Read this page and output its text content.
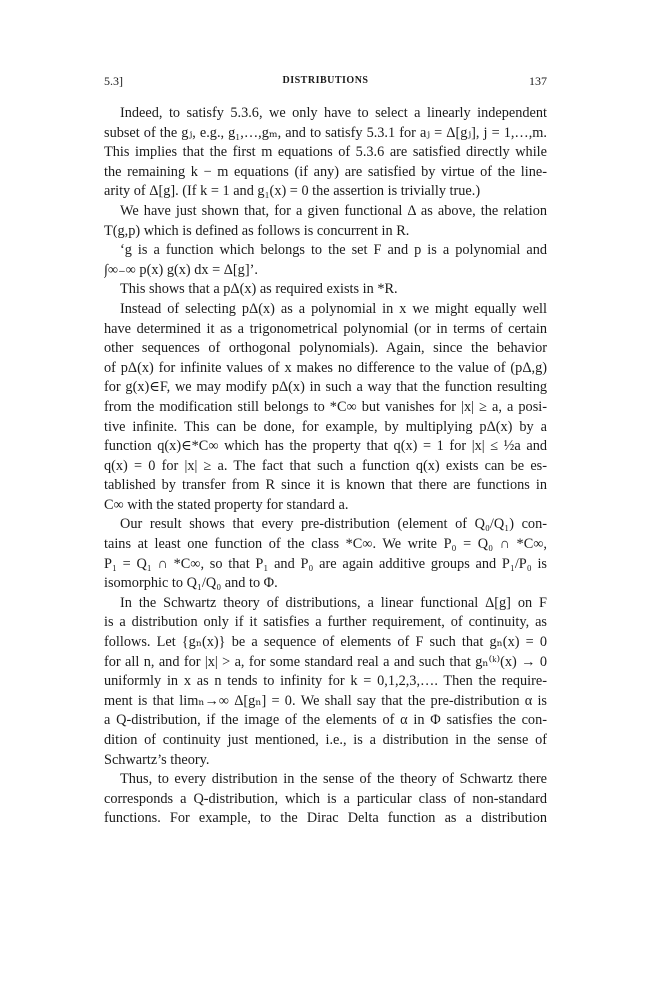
5.3]	DISTRIBUTIONS	137
Indeed, to satisfy 5.3.6, we only have to select a linearly independent
subset of the gⱼ, e.g., g₁,…,gₘ, and to satisfy 5.3.1 for aⱼ = Δ[gⱼ], j = 1,…,m.
This implies that the first m equations of 5.3.6 are satisfied directly while
the remaining k − m equations (if any) are satisfied by virtue of the line-
arity of Δ[g]. (If k = 1 and g₁(x) = 0 the assertion is trivially true.)
We have just shown that, for a given functional Δ as above, the relation
T(g,p) which is defined as follows is concurrent in R.
‘g is a function which belongs to the set F and p is a polynomial and
∫∞₋∞ p(x) g(x) dx = Δ[g]’.
This shows that a pΔ(x) as required exists in *R.
Instead of selecting pΔ(x) as a polynomial in x we might equally well
have determined it as a trigonometrical polynomial (or in terms of certain
other sequences of orthogonal polynomials). Again, since the behavior
of pΔ(x) for infinite values of x makes no difference to the value of (pΔ,g)
for g(x)∈F, we may modify pΔ(x) in such a way that the function resulting
from the modification still belongs to *C∞ but vanishes for |x| ≥ a, a posi-
tive infinite. This can be done, for example, by multiplying pΔ(x) by a
function q(x)∈*C∞ which has the property that q(x) = 1 for |x| ≤ ½a and
q(x) = 0 for |x| ≥ a. The fact that such a function q(x) exists can be es-
tablished by transfer from R since it is known that there are functions in
C∞ with the stated property for standard a.
Our result shows that every pre-distribution (element of Q₀/Q₁) con-
tains at least one function of the class *C∞. We write P₀ = Q₀ ∩ *C∞,
P₁ = Q₁ ∩ *C∞, so that P₁ and P₀ are again additive groups and P₁/P₀ is
isomorphic to Q₁/Q₀ and to Φ.
In the Schwartz theory of distributions, a linear functional Δ[g] on F
is a distribution only if it satisfies a further requirement, of continuity, as
follows. Let {gₙ(x)} be a sequence of elements of F such that gₙ(x) = 0
for all n, and for |x| > a, for some standard real a and such that gₙ⁽ᵏ⁾(x) → 0
uniformly in x as n tends to infinity for k = 0,1,2,3,…. Then the require-
ment is that limₙ→∞ Δ[gₙ] = 0. We shall say that the pre-distribution α is
a Q-distribution, if the image of the elements of α in Φ satisfies the con-
dition of continuity just mentioned, i.e., is a distribution in the sense of
Schwartz’s theory.
Thus, to every distribution in the sense of the theory of Schwartz there
corresponds a Q-distribution, which is a particular class of non-standard
functions. For example, to the Dirac Delta function as a distribution
